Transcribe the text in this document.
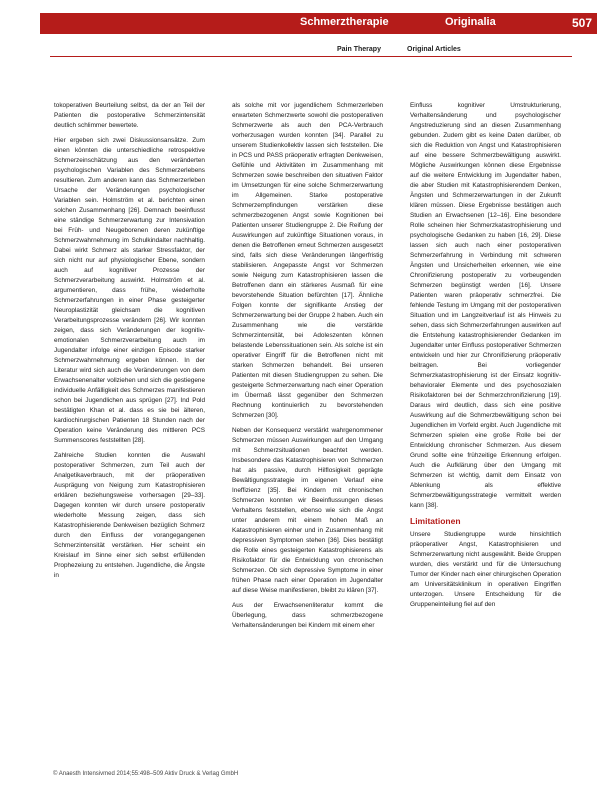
Schmerztherapie	Originalia	507
Pain Therapy	Original Articles

tokoperativen Beurteilung selbst, da der an Teil der Patienten die postoperative Schmerzintensität deutlich schlimmer bewertete.

Hier ergeben sich zwei Diskussionsansätze. Zum einen könnten die unterschiedliche retrospektive Schmerzeinschätzung aus den veränderten psychologischen Variablen des Schmerzerlebens resultieren. Zum anderen kann das Schmerzerleben Ursache der Veränderungen psychologischer Variablen sein. Holmström et al. berichten einen solchen Zusammenhang [26]. Demnach beeinflusst eine ständige Schmerzerwartung zur Intensivation bei Früh- und Neugeborenen deren zukünftige Schmerzwahrnehmung im Schulkindalter nachhaltig. Dabei wirkt Schmerz als starker Stressfaktor, der sich nicht nur auf physiologischer Ebene, sondern auch auf kognitiver Prozesse der Schmerzverarbeitung auswirkt. Holmström et al. argumentieren, dass frühe, wiederholte Schmerzerfahrungen in einer Phase gesteigerter Neuroplastizität gleichsam die kognitiven Verarbeitungsprozesse verändern [26]. Wir konnten zeigen, dass sich Veränderungen der kognitiv-emotionalen Schmerzverarbeitung auch im Jugendalter infolge einer einzigen Episode starker Schmerzwahrnehmung ergeben können. In der Literatur wird sich auch die Veränderungen von dem Erwachsenenalter vollziehen und sich die gestiegene individuelle Anfälligkeit des Schmerzes manifestieren schon bei Jugendlichen aus sprügen [27]. Ind Pold bestätigten Khan et al. dass es sie bei älteren, kardiochirurgischen Patienten 18 Stunden nach der Operation keine Veränderung des mittleren PCS Summenscores feststellten [28].

Zahlreiche Studien konnten die Auswahl postoperativer Schmerzen, zum Teil auch der Analgetikaverbrauch, mit der präoperativen Ausprägung von Neigung zum Katastrophisieren erklären beziehungsweise vorhersagen [29–33]. Dagegen konnten wir durch unsere postoperativ wiederholte Messung zeigen, dass sich Katastrophisierende Denkweisen bezüglich Schmerz durch den Einfluss der vorangegangenen Schmerzintensität verstärken. Hier scheint ein Kreislauf im Sinne einer sich selbst erfüllenden Prophezeiung zu entstehen. Jugendliche, die Ängste in

als solche mit vor jugendlichem Schmerzerleben erwarteten Schmerzwerte sowohl die postoperativen Schmerzwerte als auch den PCA-Verbrauch vorherzusagen wurden konnten [34]. Parallel zu unserem Studienkollektiv lassen sich feststellen. Die in PCS und PASS präoperativ erfragten Denkweisen, Gefühle und Aktivitäten im Zusammenhang mit Schmerzen sowie beschreiben den situativen Faktor im Umsetzungen für eine solche Schmerzerwartung im Allgemeinen. Starke postoperative Schmerzempfindungen verstärken diese schmerzbezogenen Angst sowie Kognitionen bei Patienten unserer Studiengruppe 2. Die Reifung der Auswirkungen auf zukünftige Situationen voraus, in denen die Betroffenen erneut Schmerzen ausgesetzt sind, falls sich diese Veränderungen längerfristig stabilisieren. Angepasste Angst vor Schmerzen sowie Neigung zum Katastrophisieren lassen die Betroffenen dann ein stärkeres Ausmaß für eine bevorstehende Situation befürchten [17]. Ähnliche Folgen konnte der signifikante Anstieg der Schmerzerwartung bei der Gruppe 2 haben. Auch ein Zusammenhang wie die verstärkte Schmerzintensität, bei Adoleszenten können belastende Lebenssituationen sein. Als solche ist ein operativer Eingriff für die Betroffenen nicht mit starken Schmerzen behandelt. Bei unseren Patienten mit diesen Studiengruppen zu sehen. Die gesteigerte Schmerzerwartung nach einer Operation im Übermaß lässt gegenüber den Schmerzen Rechnung kontinuierlich zu bevorstehenden Schmerzen [30].

Neben der Konsequenz verstärkt wahrgenommener Schmerzen müssen Auswirkungen auf den Umgang mit Schmerzsituationen beachtet werden. Insbesondere das Katastrophisieren von Schmerzen hat als passive, durch Hilflosigkeit geprägte Bewältigungsstrategie im eigenen Verlauf eine Ineffizienz [35]. Bei Kindern mit chronischen Schmerzen konnten wir Beeinflussungen dieses Verhaltens feststellen, ebenso wie sich die Angst unter anderem mit einem hohen Maß an Katastrophisieren einher und in Zusammenhang mit depressiven Symptomen stehen [36]. Dies bestätigt die Rolle eines gesteigerten Katastrophisierens als Risikofaktor für die Entwicklung von chronischen Schmerzen. Ob sich depressive Symptome in einer frühen Phase nach einer Operation im Jugendalter auf diese Weise manifestieren, bleibt zu klären [37].

Aus der Erwachsenenliteratur kommt die Überlegung, dass schmerzbezogene Verhaltensänderungen bei Kindern mit einem eher

Einfluss kognitiver Umstrukturierung, Verhaltensänderung und psychologischer Angstreduzierung sind an diesen Zusammenhang gebunden. Zudem gibt es keine Daten darüber, ob sich die Reduktion von Angst und Katastrophisieren auf eine bessere Schmerzbewältigung auswirkt. Mögliche Auswirkungen können diese Ergebnisse auf die weitere Entwicklung im Jugendalter haben, die aber Studien mit Katastrophisierendem Denken, Ängsten und Schmerzerwartungen in der Zukunft klären müssen. Diese Ergebnisse bestätigen auch Studien an Erwachsenen [12–16]. Eine besondere Rolle scheinen hier Schmerzkatastrophisierung und psychologische Gedanken zu haben [16, 29]. Diese lassen sich auch nach einer postoperativen Schmerzerfahrung in Verbindung mit schweren Ängsten und Unsicherheiten erkennen, wie eine Chronifizierung postoperativ zu vorbeugenden Schmerzen begünstigt werden [16]. Unsere Patienten waren präoperativ schmerzfrei. Die fehlende Testung im Umgang mit der postoperativen Situation und im Langzeitverlauf ist als Hinweis zu sehen, dass sich Schmerzerfahrungen auswirken auf die Entstehung katastrophisierender Gedanken im Jugendalter unter Einfluss postoperativer Schmerzen entwickeln und hier zur Chronifizierung präoperativ beitragen. Bei vorliegender Schmerzkatastrophisierung ist der Einsatz kognitiv-behavioraler Elemente und des psychosozialen Risikofaktoren bei der Schmerzchronifizierung [19]. Daraus wird deutlich, dass sich eine positive Auswirkung auf die Schmerzbewältigung schon bei Jugendlichen im Vorfeld ergibt. Auch Jugendliche mit Schmerzen spielen eine große Rolle bei der Entwicklung chronischer Schmerzen. Aus diesem Grund sollte eine frühzeitige Erkennung erfolgen. Auch die Aufklärung über den Umgang mit Schmerzen ist wichtig, damit dem Einsatz von Ablenkung als effektive Schmerzbewältigungsstrategie vermittelt werden kann [38].

Limitationen

Unsere Studiengruppe wurde hinsichtlich präoperativer Angst, Katastrophisieren und Schmerzerwartung nicht ausgewählt. Beide Gruppen wurden, dies verstärkt und für die Untersuchung Tumor der Kinder nach einer chirurgischen Operation am Universitätsklinikum in operativen Eingriffen unterzogen. Unsere Entscheidung für die Gruppeneinteilung fiel auf den

© Anaesth Intensivmed 2014;55:498–509 Aktiv Druck & Verlag GmbH
